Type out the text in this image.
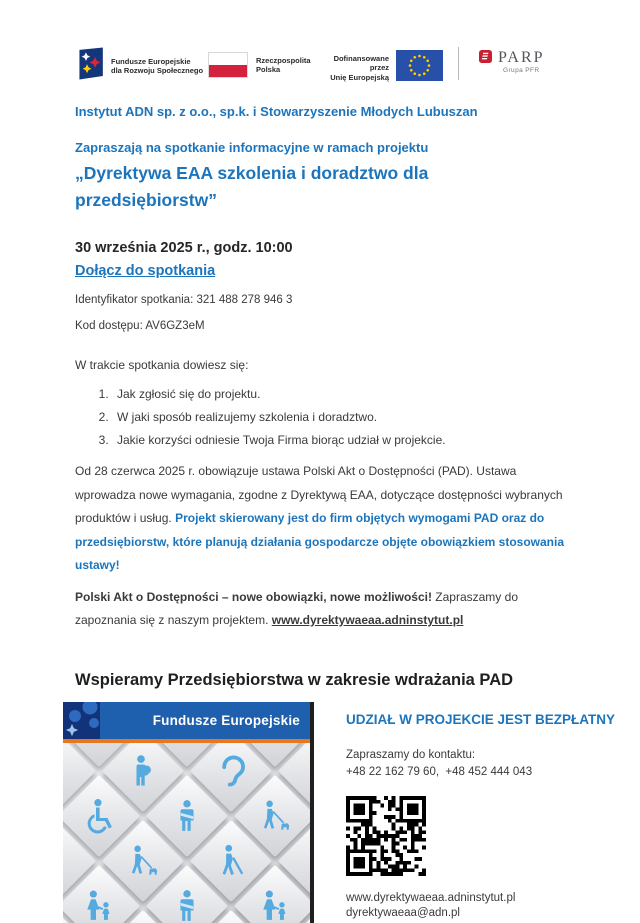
Fundusze Europejskie
dla Rozwoju Społecznego
Rzeczpospolita
Polska
Dofinansowane przez
Unię Europejską
PARP
Grupa PFR

Instytut ADN sp. z o.o., sp.k. i Stowarzyszenie Młodych Lubuszan

Zapraszają na spotkanie informacyjne w ramach projektu

„Dyrektywa EAA szkolenia i doradztwo dla przedsiębiorstw”

30 września 2025 r., godz. 10:00

Dołącz do spotkania

Identyfikator spotkania: 321 488 278 946 3

Kod dostępu: AV6GZ3eM

W trakcie spotkania dowiesz się:

1. Jak zgłosić się do projektu.
2. W jaki sposób realizujemy szkolenia i doradztwo.
3. Jakie korzyści odniesie Twoja Firma biorąc udział w projekcie.

Od 28 czerwca 2025 r. obowiązuje ustawa Polski Akt o Dostępności (PAD). Ustawa wprowadza nowe wymagania, zgodne z Dyrektywą EAA, dotyczące dostępności wybranych produktów i usług. Projekt skierowany jest do firm objętych wymogami PAD oraz do przedsiębiorstw, które planują działania gospodarcze objęte obowiązkiem stosowania ustawy!

Polski Akt o Dostępności – nowe obowiązki, nowe możliwości! Zapraszamy do zapoznania się z naszym projektem. www.dyrektywaeaa.adninstytut.pl

Wspieramy Przedsiębiorstwa w zakresie wdrażania PAD
Fundusze Europejskie	UDZIAŁ W PROJEKCIE JEST BEZPŁATNY
Zapraszamy do kontaktu:
+48 22 162 79 60,  +48 452 444 043
www.dyrektywaeaa.adninstytut.pl
dyrektywaeaa@adn.pl
